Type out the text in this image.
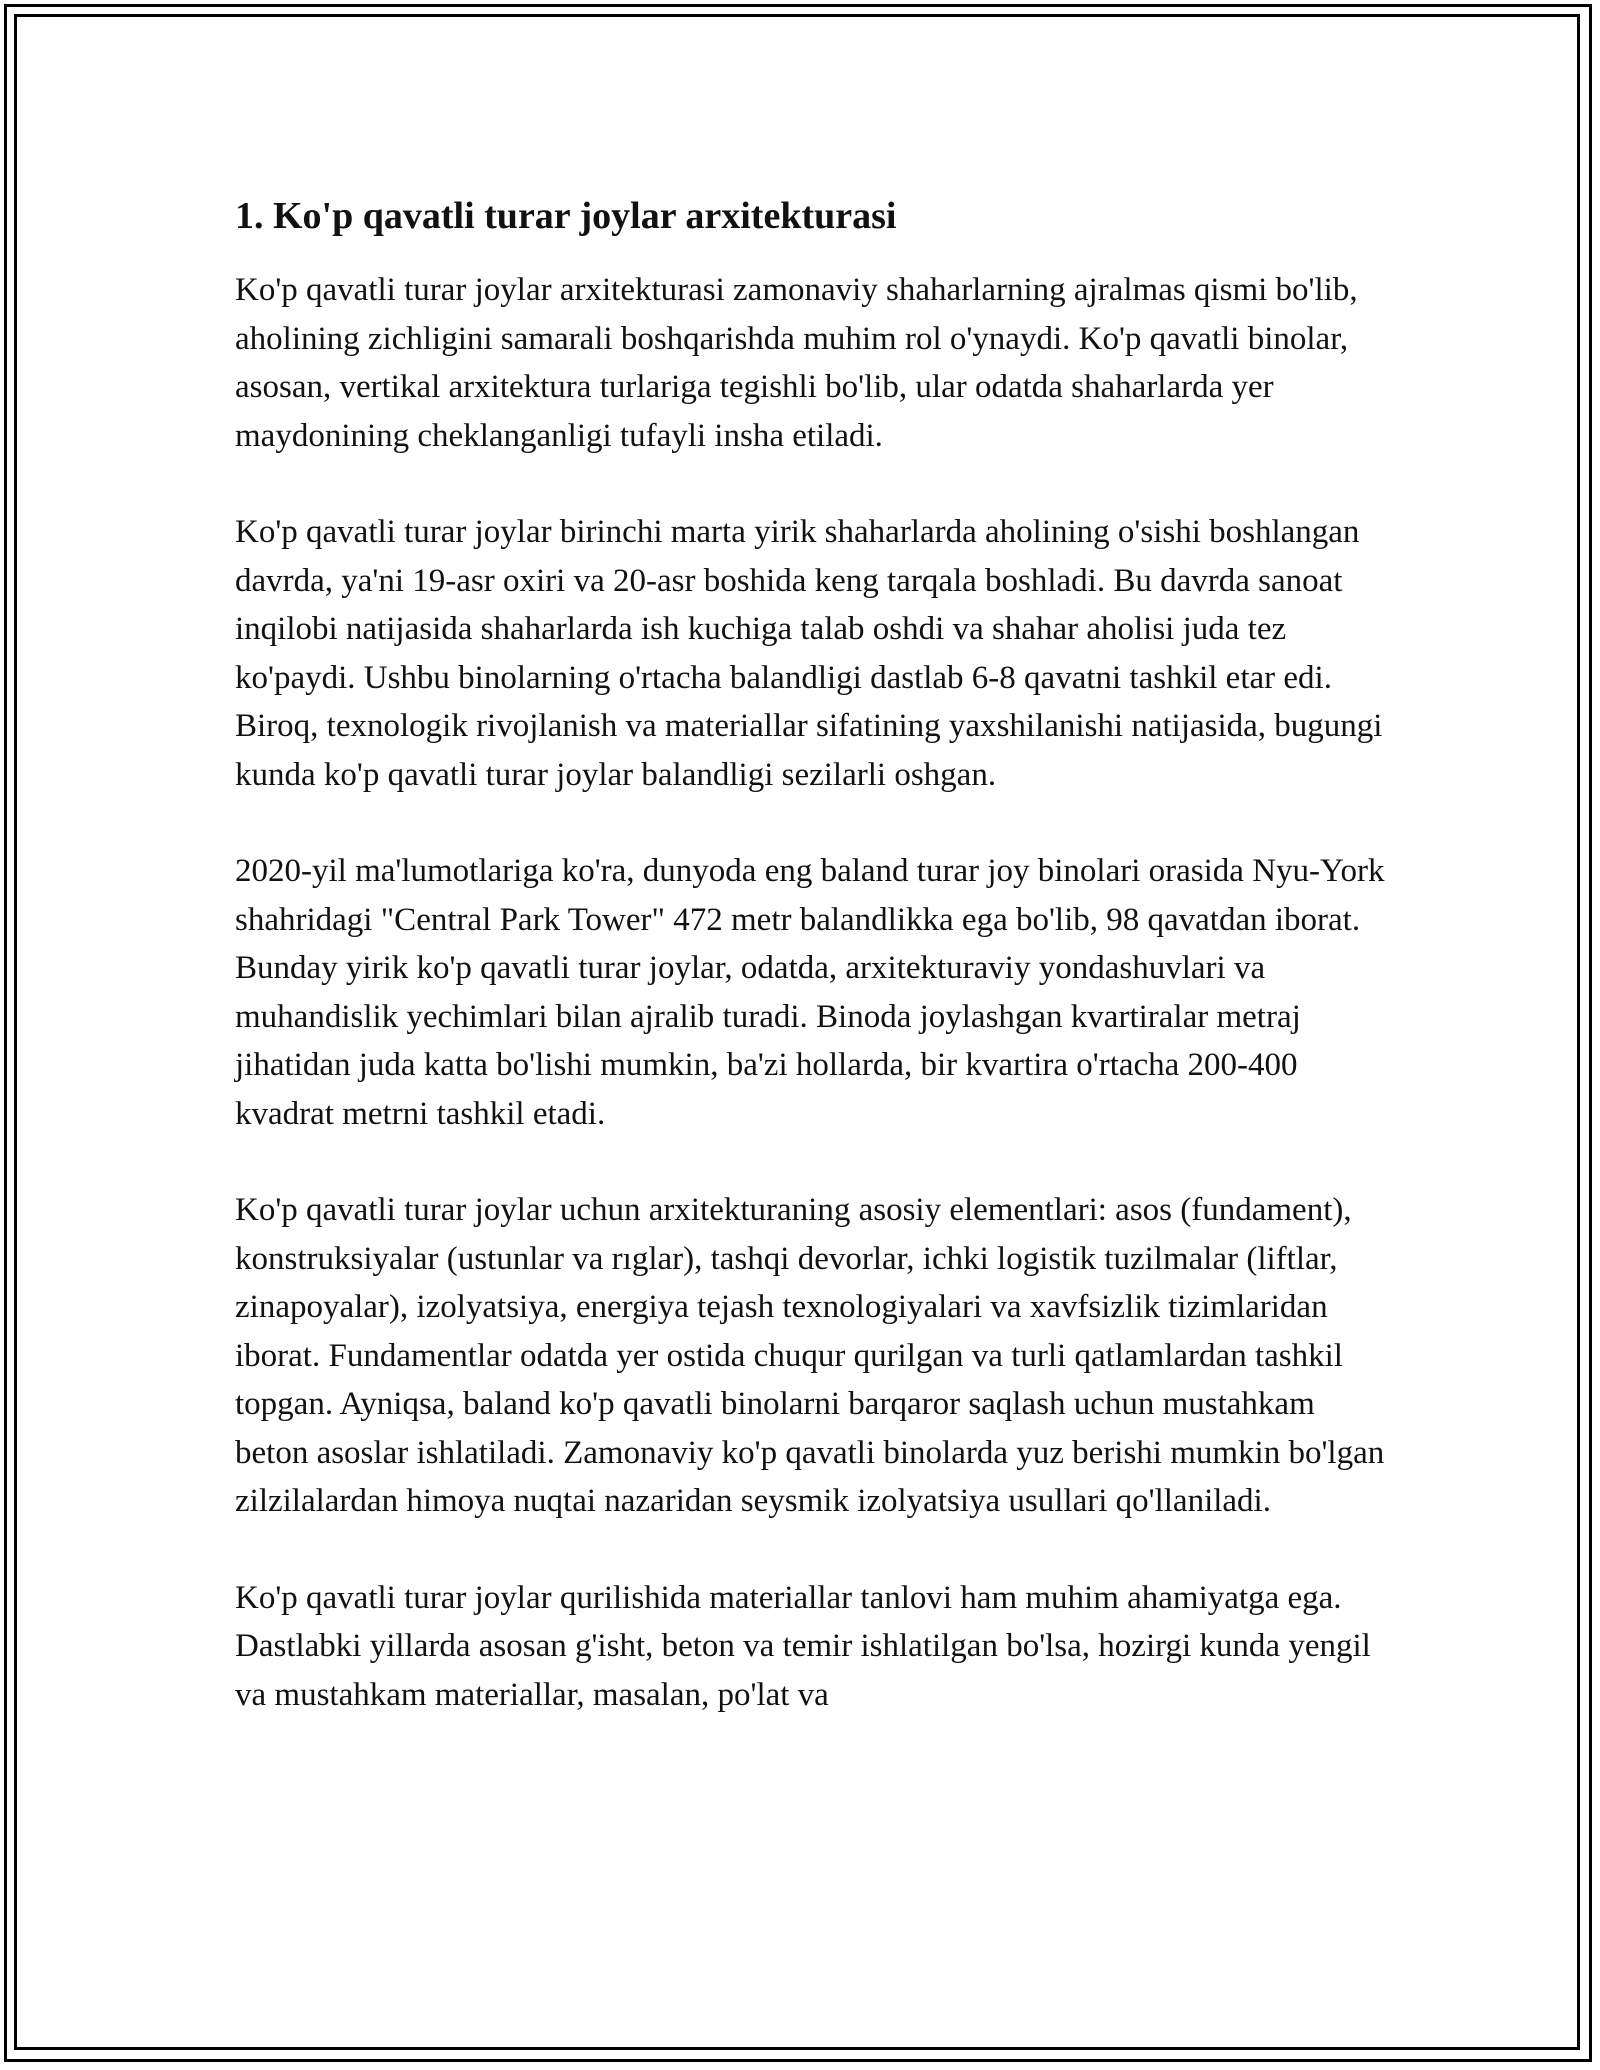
1. Ko'p qavatli turar joylar arxitekturasi

Ko'p qavatli turar joylar arxitekturasi zamonaviy shaharlarning ajralmas qismi bo'lib, aholining zichligini samarali boshqarishda muhim rol o'ynaydi. Ko'p qavatli binolar, asosan, vertikal arxitektura turlariga tegishli bo'lib, ular odatda shaharlarda yer maydonining cheklanganligi tufayli insha etiladi.

Ko'p qavatli turar joylar birinchi marta yirik shaharlarda aholining o'sishi boshlangan davrda, ya'ni 19-asr oxiri va 20-asr boshida keng tarqala boshladi. Bu davrda sanoat inqilobi natijasida shaharlarda ish kuchiga talab oshdi va shahar aholisi juda tez ko'paydi. Ushbu binolarning o'rtacha balandligi dastlab 6-8 qavatni tashkil etar edi. Biroq, texnologik rivojlanish va materiallar sifatining yaxshilanishi natijasida, bugungi kunda ko'p qavatli turar joylar balandligi sezilarli oshgan.

2020-yil ma'lumotlariga ko'ra, dunyoda eng baland turar joy binolari orasida Nyu-York shahridagi "Central Park Tower" 472 metr balandlikka ega bo'lib, 98 qavatdan iborat. Bunday yirik ko'p qavatli turar joylar, odatda, arxitekturaviy yondashuvlari va muhandislik yechimlari bilan ajralib turadi. Binoda joylashgan kvartiralar metraj jihatidan juda katta bo'lishi mumkin, ba'zi hollarda, bir kvartira o'rtacha 200-400 kvadrat metrni tashkil etadi.

Ko'p qavatli turar joylar uchun arxitekturaning asosiy elementlari: asos (fundament), konstruksiyalar (ustunlar va rıglar), tashqi devorlar, ichki logistik tuzilmalar (liftlar, zinapoyalar), izolyatsiya, energiya tejash texnologiyalari va xavfsizlik tizimlaridan iborat. Fundamentlar odatda yer ostida chuqur qurilgan va turli qatlamlardan tashkil topgan. Ayniqsa, baland ko'p qavatli binolarni barqaror saqlash uchun mustahkam beton asoslar ishlatiladi. Zamonaviy ko'p qavatli binolarda yuz berishi mumkin bo'lgan zilzilalardan himoya nuqtai nazaridan seysmik izolyatsiya usullari qo'llaniladi.

Ko'p qavatli turar joylar qurilishida materiallar tanlovi ham muhim ahamiyatga ega. Dastlabki yillarda asosan g'isht, beton va temir ishlatilgan bo'lsa, hozirgi kunda yengil va mustahkam materiallar, masalan, po'lat va
